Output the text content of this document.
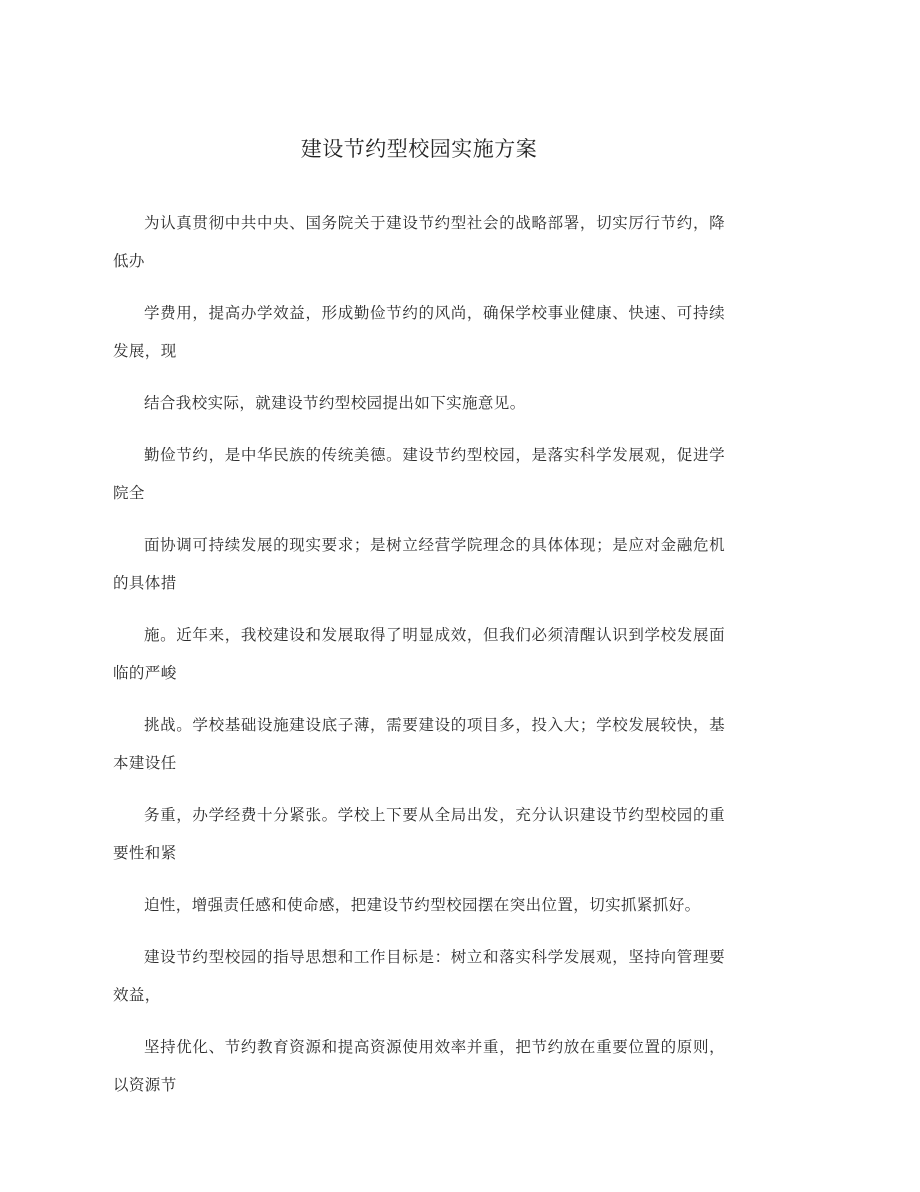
建设节约型校园实施方案

为认真贯彻中共中央、国务院关于建设节约型社会的战略部署，切实厉行节约，降低办

学费用，提高办学效益，形成勤俭节约的风尚，确保学校事业健康、快速、可持续发展，现

结合我校实际，就建设节约型校园提出如下实施意见。

勤俭节约，是中华民族的传统美德。建设节约型校园，是落实科学发展观，促进学院全

面协调可持续发展的现实要求；是树立经营学院理念的具体体现；是应对金融危机的具体措

施。近年来，我校建设和发展取得了明显成效，但我们必须清醒认识到学校发展面临的严峻

挑战。学校基础设施建设底子薄，需要建设的项目多，投入大；学校发展较快，基本建设任

务重，办学经费十分紧张。学校上下要从全局出发，充分认识建设节约型校园的重要性和紧

迫性，增强责任感和使命感，把建设节约型校园摆在突出位置，切实抓紧抓好。

建设节约型校园的指导思想和工作目标是：树立和落实科学发展观，坚持向管理要效益，

坚持优化、节约教育资源和提高资源使用效率并重，把节约放在重要位置的原则，以资源节
